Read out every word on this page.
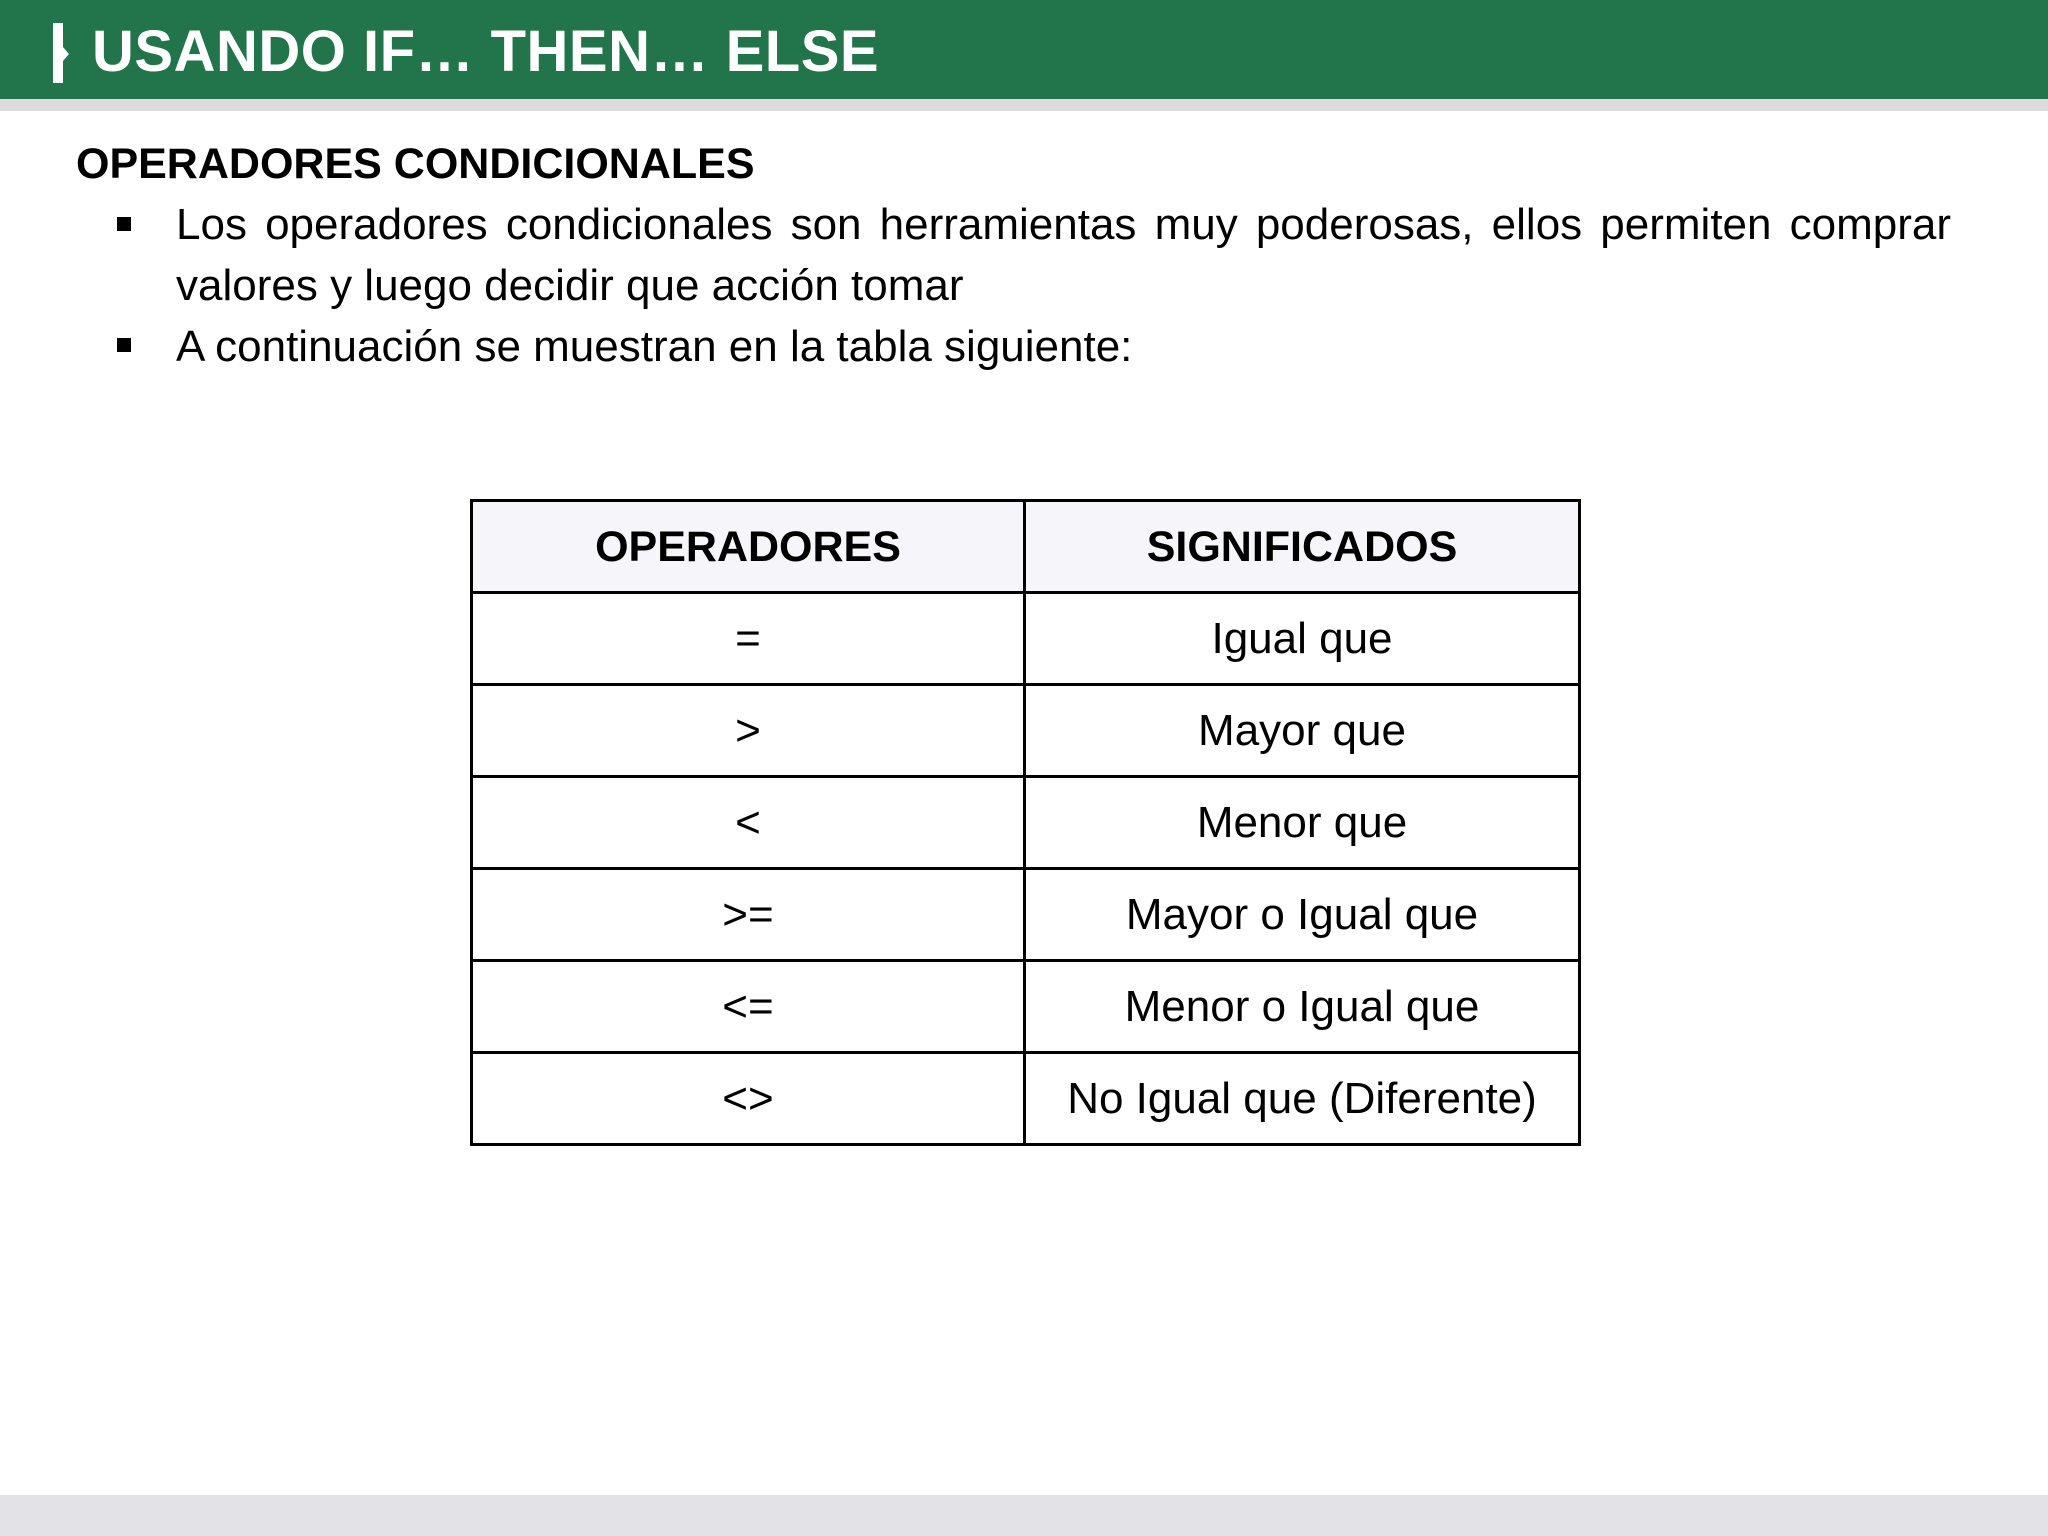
USANDO IF… THEN… ELSE
OPERADORES CONDICIONALES
Los operadores condicionales son herramientas muy poderosas, ellos permiten comprar valores y luego decidir que acción tomar
A continuación se muestran en la tabla siguiente:
OPERADORES	SIGNIFICADOS
=	Igual que
>	Mayor que
<	Menor que
>=	Mayor o Igual que
<=	Menor o Igual que
<>	No Igual que (Diferente)
